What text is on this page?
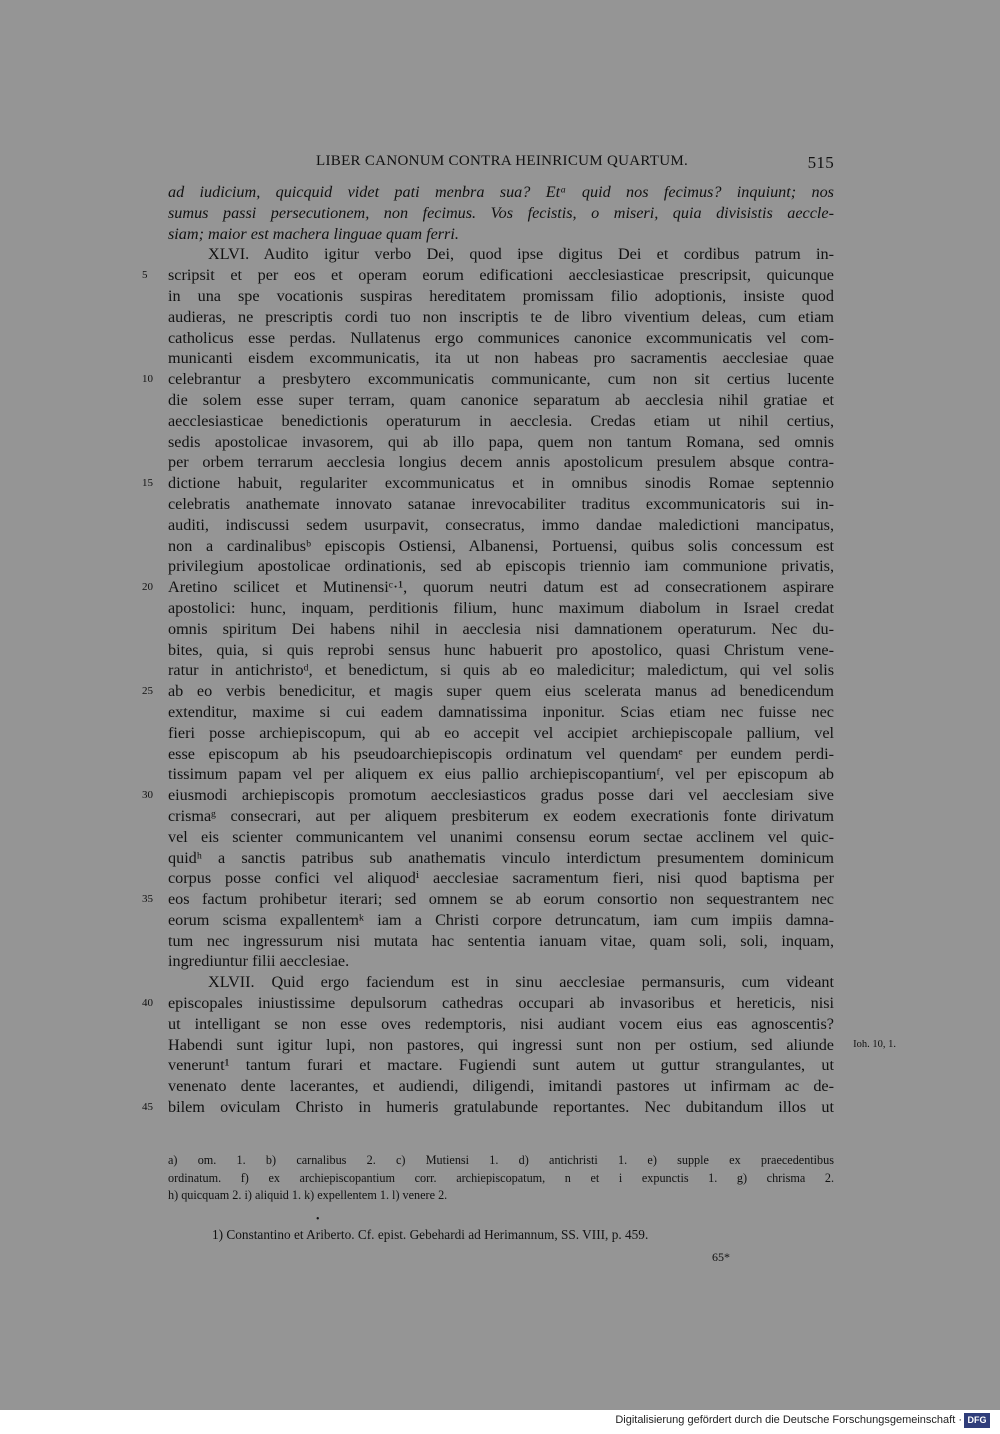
LIBER CANONUM CONTRA HEINRICUM QUARTUM.	515
ad iudicium, quicquid videt pati menbra sua? Etᵃ quid nos fecimus? inquiunt; nos
sumus passi persecutionem, non fecimus. Vos fecistis, o miseri, quia divisistis aeccle-
siam; maior est machera linguae quam ferri.
XLVI. Audito igitur verbo Dei, quod ipse digitus Dei et cordibus patrum in-
5	scripsit et per eos et operam eorum edificationi aecclesiasticae prescripsit, quicunque
in una spe vocationis suspiras hereditatem promissam filio adoptionis, insiste quod
audieras, ne prescriptis cordi tuo non inscriptis te de libro viventium deleas, cum etiam
catholicus esse perdas. Nullatenus ergo communices canonice excommunicatis vel com-
municanti eisdem excommunicatis, ita ut non habeas pro sacramentis aecclesiae quae
10 celebrantur a presbytero excommunicatis communicante, cum non sit certius lucente
die solem esse super terram, quam canonice separatum ab aecclesia nihil gratiae et
aecclesiasticae benedictionis operaturum in aecclesia. Credas etiam ut nihil certius,
sedis apostolicae invasorem, qui ab illo papa, quem non tantum Romana, sed omnis
per orbem terrarum aecclesia longius decem annis apostolicum presulem absque contra-
15 dictione habuit, regulariter excommunicatus et in omnibus sinodis Romae septennio
celebratis anathemate innovato satanae inrevocabiliter traditus excommunicatoris sui in-
auditi, indiscussi sedem usurpavit, consecratus, immo dandae maledictioni mancipatus,
non a cardinalibusᵇ episcopis Ostiensi, Albanensi, Portuensi, quibus solis concessum est
privilegium apostolicae ordinationis, sed ab episcopis triennio iam communione privatis,
20 Aretino scilicet et Mutinensiᶜ·¹, quorum neutri datum est ad consecrationem aspirare
apostolici: hunc, inquam, perditionis filium, hunc maximum diabolum in Israel credat
omnis spiritum Dei habens nihil in aecclesia nisi damnationem operaturum. Nec du-
bites, quia, si quis reprobi sensus hunc habuerit pro apostolico, quasi Christum vene-
ratur in antichristoᵈ, et benedictum, si quis ab eo maledicitur; maledictum, qui vel solis
25 ab eo verbis benedicitur, et magis super quem eius scelerata manus ad benedicendum
extenditur, maxime si cui eadem damnatissima inponitur. Scias etiam nec fuisse nec
fieri posse archiepiscopum, qui ab eo accepit vel accipiet archiepiscopale pallium, vel
esse episcopum ab his pseudoarchiepiscopis ordinatum vel quendamᵉ per eundem perdi-
tissimum papam vel per aliquem ex eius pallio archiepiscopantiumᶠ, vel per episcopum ab
30 eiusmodi archiepiscopis promotum aecclesiasticos gradus posse dari vel aecclesiam sive
crismaᵍ consecrari, aut per aliquem presbiterum ex eodem execrationis fonte dirivatum
vel eis scienter communicantem vel unanimi consensu eorum sectae acclinem vel quic-
quidʰ a sanctis patribus sub anathematis vinculo interdictum presumentem dominicum
corpus posse confici vel aliquodⁱ aecclesiae sacramentum fieri, nisi quod baptisma per
35 eos factum prohibetur iterari; sed omnem se ab eorum consortio non sequestrantem nec
eorum scisma expallentemᵏ iam a Christi corpore detruncatum, iam cum impiis damna-
tum nec ingressurum nisi mutata hac sententia ianuam vitae, quam soli, soli, inquam,
ingrediuntur filii aecclesiae.
XLVII. Quid ergo faciendum est in sinu aecclesiae permansuris, cum videant
40 episcopales iniustissime depulsorum cathedras occupari ab invasoribus et hereticis, nisi
ut intelligant se non esse oves redemptoris, nisi audiant vocem eius eas agnoscentis?
Habendi sunt igitur lupi, non pastores, qui ingressi sunt non per ostium, sed aliunde Ioh. 10, 1.
venerunt¹ tantum furari et mactare. Fugiendi sunt autem ut guttur strangulantes, ut
venenato dente lacerantes, et audiendi, diligendi, imitandi pastores ut infirmam ac de-
45 bilem oviculam Christo in humeris gratulabunde reportantes. Nec dubitandum illos ut
a) om. 1. b) carnalibus 2. c) Mutiensi 1. d) antichristi 1. e) supple ex praecedentibus
ordinatum. f) ex archiepiscopantium corr. archiepiscopatum, n et i expunctis 1. g) chrisma 2.
h) quicquam 2. i) aliquid 1. k) expellentem 1. l) venere 2.
•
1) Constantino et Ariberto. Cf. epist. Gebehardi ad Herimannum, SS. VIII, p. 459.
65*
Digitalisierung gefördert durch die Deutsche Forschungsgemeinschaft · DFG
